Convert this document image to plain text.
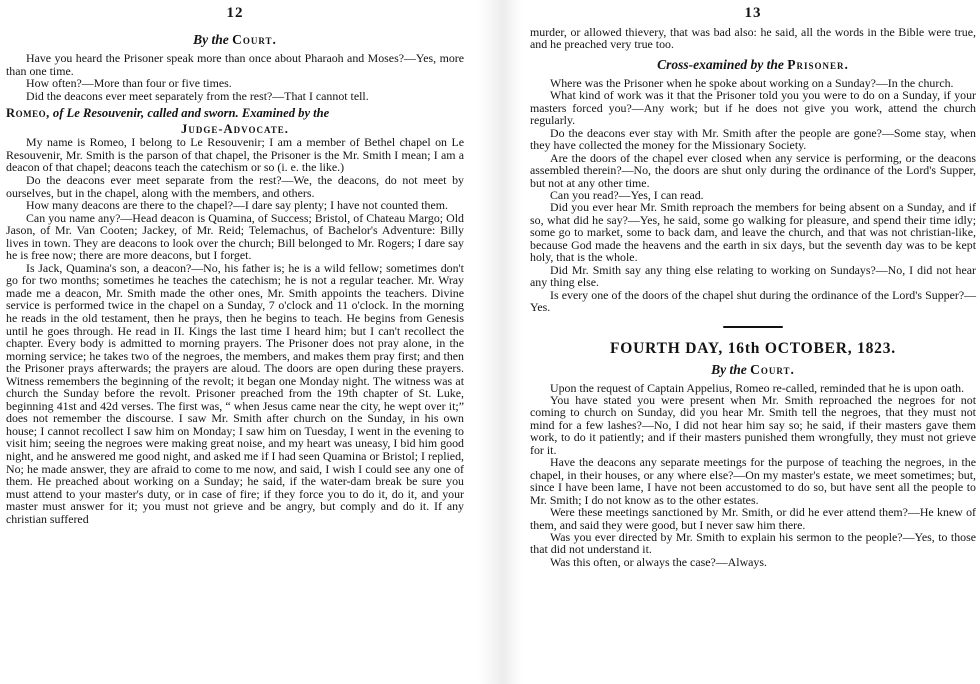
12
By the Court.

Have you heard the Prisoner speak more than once about Pharaoh and Moses?—Yes, more than one time.

How often?—More than four or five times.

Did the deacons ever meet separately from the rest?—That I cannot tell.

Romeo, of Le Resouvenir, called and sworn. Examined by the
Judge-Advocate.

My name is Romeo, I belong to Le Resouvenir; I am a member of Bethel chapel on Le Resouvenir, Mr. Smith is the parson of that chapel, the Prisoner is the Mr. Smith I mean; I am a deacon of that chapel; deacons teach the catechism or so (i. e. the like.)

Do the deacons ever meet separate from the rest?—We, the deacons, do not meet by ourselves, but in the chapel, along with the members, and others.

How many deacons are there to the chapel?—I dare say plenty; I have not counted them.

Can you name any?—Head deacon is Quamina, of Success; Bristol, of Chateau Margo; Old Jason, of Mr. Van Cooten; Jackey, of Mr. Reid; Telemachus, of Bachelor's Adventure: Billy lives in town. They are deacons to look over the church; Bill belonged to Mr. Rogers; I dare say he is free now; there are more deacons, but I forget.

Is Jack, Quamina's son, a deacon?—No, his father is; he is a wild fellow; sometimes don't go for two months; sometimes he teaches the catechism; he is not a regular teacher. Mr. Wray made me a deacon, Mr. Smith made the other ones, Mr. Smith appoints the teachers. Divine service is performed twice in the chapel on a Sunday, 7 o'clock and 11 o'clock. In the morning he reads in the old testament, then he prays, then he begins to teach. He begins from Genesis until he goes through. He read in II. Kings the last time I heard him; but I can't recollect the chapter. Every body is admitted to morning prayers. The Prisoner does not pray alone, in the morning service; he takes two of the negroes, the members, and makes them pray first; and then the Prisoner prays afterwards; the prayers are aloud. The doors are open during these prayers. Witness remembers the beginning of the revolt; it began one Monday night. The witness was at church the Sunday before the revolt. Prisoner preached from the 19th chapter of St. Luke, beginning 41st and 42d verses. The first was, “ when Jesus came near the city, he wept over it;” does not remember the discourse. I saw Mr. Smith after church on the Sunday, in his own house; I cannot recollect I saw him on Monday; I saw him on Tuesday, I went in the evening to visit him; seeing the negroes were making great noise, and my heart was uneasy, I bid him good night, and he answered me good night, and asked me if I had seen Quamina or Bristol; I replied, No; he made answer, they are afraid to come to me now, and said, I wish I could see any one of them. He preached about working on a Sunday; he said, if the water-dam break be sure you must attend to your master's duty, or in case of fire; if they force you to do it, do it, and your master must answer for it; you must not grieve and be angry, but comply and do it. If any christian suffered

13

murder, or allowed thievery, that was bad also: he said, all the words in the Bible were true, and he preached very true too.

Cross-examined by the Prisoner.

Where was the Prisoner when he spoke about working on a Sunday?—In the church.

What kind of work was it that the Prisoner told you you were to do on a Sunday, if your masters forced you?—Any work; but if he does not give you work, attend the church regularly.

Do the deacons ever stay with Mr. Smith after the people are gone?—Some stay, when they have collected the money for the Missionary Society.

Are the doors of the chapel ever closed when any service is performing, or the deacons assembled therein?—No, the doors are shut only during the ordinance of the Lord's Supper, but not at any other time.

Can you read?—Yes, I can read.

Did you ever hear Mr. Smith reproach the members for being absent on a Sunday, and if so, what did he say?—Yes, he said, some go walking for pleasure, and spend their time idly; some go to market, some to back dam, and leave the church, and that was not christian-like, because God made the heavens and the earth in six days, but the seventh day was to be kept holy, that is the whole.

Did Mr. Smith say any thing else relating to working on Sundays?—No, I did not hear any thing else.

Is every one of the doors of the chapel shut during the ordinance of the Lord's Supper?—Yes.

FOURTH DAY, 16th OCTOBER, 1823.
By the Court.

Upon the request of Captain Appelius, Romeo re-called, reminded that he is upon oath.

You have stated you were present when Mr. Smith reproached the negroes for not coming to church on Sunday, did you hear Mr. Smith tell the negroes, that they must not mind for a few lashes?—No, I did not hear him say so; he said, if their masters gave them work, to do it patiently; and if their masters punished them wrongfully, they must not grieve for it.

Have the deacons any separate meetings for the purpose of teaching the negroes, in the chapel, in their houses, or any where else?—On my master's estate, we meet sometimes; but, since I have been lame, I have not been accustomed to do so, but have sent all the people to Mr. Smith; I do not know as to the other estates.

Were these meetings sanctioned by Mr. Smith, or did he ever attend them?—He knew of them, and said they were good, but I never saw him there.

Was you ever directed by Mr. Smith to explain his sermon to the people?—Yes, to those that did not understand it.

Was this often, or always the case?—Always.
